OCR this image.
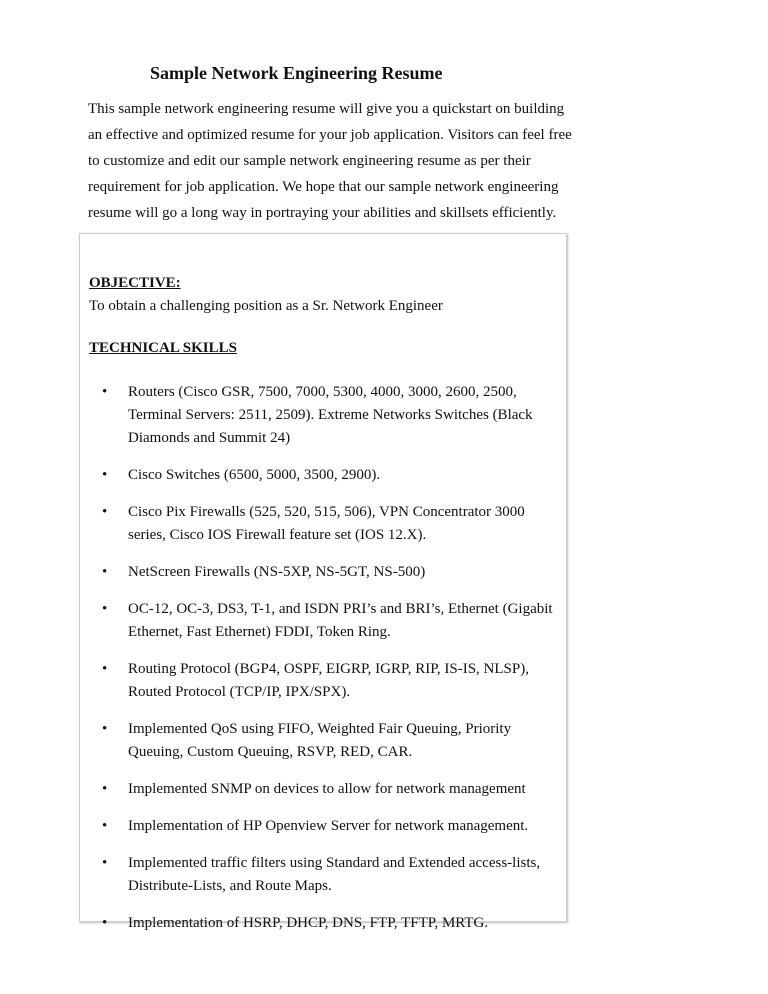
Sample Network Engineering Resume

This sample network engineering resume will give you a quickstart on building an effective and optimized resume for your job application. Visitors can feel free to customize and edit our sample network engineering resume as per their requirement for job application. We hope that our sample network engineering resume will go a long way in portraying your abilities and skillsets efficiently.

OBJECTIVE:

To obtain a challenging position as a Sr. Network Engineer

TECHNICAL SKILLS

• Routers (Cisco GSR, 7500, 7000, 5300, 4000, 3000, 2600, 2500, Terminal Servers: 2511, 2509). Extreme Networks Switches (Black Diamonds and Summit 24)
• Cisco Switches (6500, 5000, 3500, 2900).
• Cisco Pix Firewalls (525, 520, 515, 506), VPN Concentrator 3000 series, Cisco IOS Firewall feature set (IOS 12.X).
• NetScreen Firewalls (NS-5XP, NS-5GT, NS-500)
• OC-12, OC-3, DS3, T-1, and ISDN PRI’s and BRI’s, Ethernet (Gigabit Ethernet, Fast Ethernet) FDDI, Token Ring.
• Routing Protocol (BGP4, OSPF, EIGRP, IGRP, RIP, IS-IS, NLSP), Routed Protocol (TCP/IP, IPX/SPX).
• Implemented QoS using FIFO, Weighted Fair Queuing, Priority Queuing, Custom Queuing, RSVP, RED, CAR.
• Implemented SNMP on devices to allow for network management
• Implementation of HP Openview Server for network management.
• Implemented traffic filters using Standard and Extended access-lists, Distribute-Lists, and Route Maps.
• Implementation of HSRP, DHCP, DNS, FTP, TFTP, MRTG.
